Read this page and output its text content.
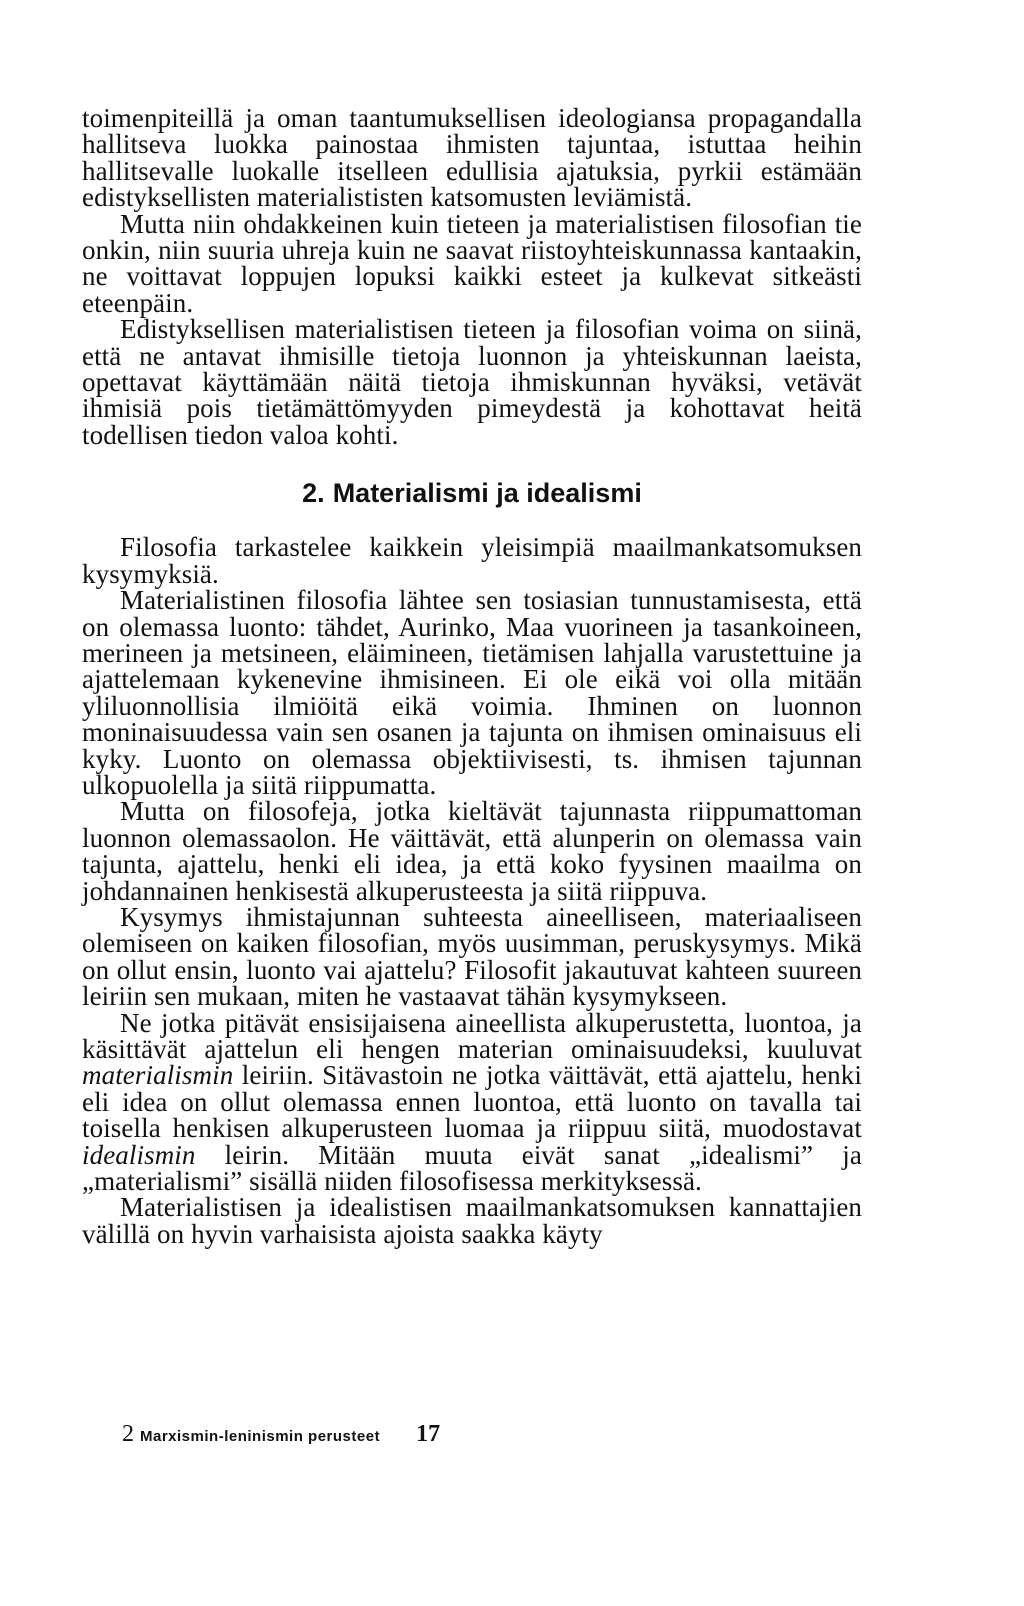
toimenpiteillä ja oman taantumuksellisen ideologiansa propagandalla hallitseva luokka painostaa ihmisten tajuntaa, istuttaa heihin hallitsevalle luokalle itselleen edullisia ajatuksia, pyrkii estämään edistyksellisten materialististen katsomusten leviämistä.

Mutta niin ohdakkeinen kuin tieteen ja materialistisen filosofian tie onkin, niin suuria uhreja kuin ne saavat riistoyhteiskunnassa kantaakin, ne voittavat loppujen lopuksi kaikki esteet ja kulkevat sitkeästi eteenpäin.

Edistyksellisen materialistisen tieteen ja filosofian voima on siinä, että ne antavat ihmisille tietoja luonnon ja yhteiskunnan laeista, opettavat käyttämään näitä tietoja ihmiskunnan hyväksi, vetävät ihmisiä pois tietämättömyyden pimeydestä ja kohottavat heitä todellisen tiedon valoa kohti.

2. Materialismi ja idealismi

Filosofia tarkastelee kaikkein yleisimpiä maailmankatsomuksen kysymyksiä.

Materialistinen filosofia lähtee sen tosiasian tunnustamisesta, että on olemassa luonto: tähdet, Aurinko, Maa vuorineen ja tasankoineen, merineen ja metsineen, eläimineen, tietämisen lahjalla varustettuine ja ajattelemaan kykenevine ihmisineen. Ei ole eikä voi olla mitään yliluonnollisia ilmiöitä eikä voimia. Ihminen on luonnon moninaisuudessa vain sen osanen ja tajunta on ihmisen ominaisuus eli kyky. Luonto on olemassa objektiivisesti, ts. ihmisen tajunnan ulkopuolella ja siitä riippumatta.

Mutta on filosofeja, jotka kieltävät tajunnasta riippumattoman luonnon olemassaolon. He väittävät, että alunperin on olemassa vain tajunta, ajattelu, henki eli idea, ja että koko fyysinen maailma on johdannainen henkisestä alkuperusteesta ja siitä riippuva.

Kysymys ihmistajunnan suhteesta aineelliseen, materiaaliseen olemiseen on kaiken filosofian, myös uusimman, peruskysymys. Mikä on ollut ensin, luonto vai ajattelu? Filosofit jakautuvat kahteen suureen leiriin sen mukaan, miten he vastaavat tähän kysymykseen.

Ne jotka pitävät ensisijaisena aineellista alkuperustetta, luontoa, ja käsittävät ajattelun eli hengen materian ominaisuudeksi, kuuluvat materialismin leiriin. Sitävastoin ne jotka väittävät, että ajattelu, henki eli idea on ollut olemassa ennen luontoa, että luonto on tavalla tai toisella henkisen alkuperusteen luomaa ja riippuu siitä, muodostavat idealismin leirin. Mitään muuta eivät sanat „idealismi” ja „materialismi” sisällä niiden filosofisessa merkityksessä.

Materialistisen ja idealistisen maailmankatsomuksen kannattajien välillä on hyvin varhaisista ajoista saakka käyty

2 Marxismin-leninismin perusteet 17
